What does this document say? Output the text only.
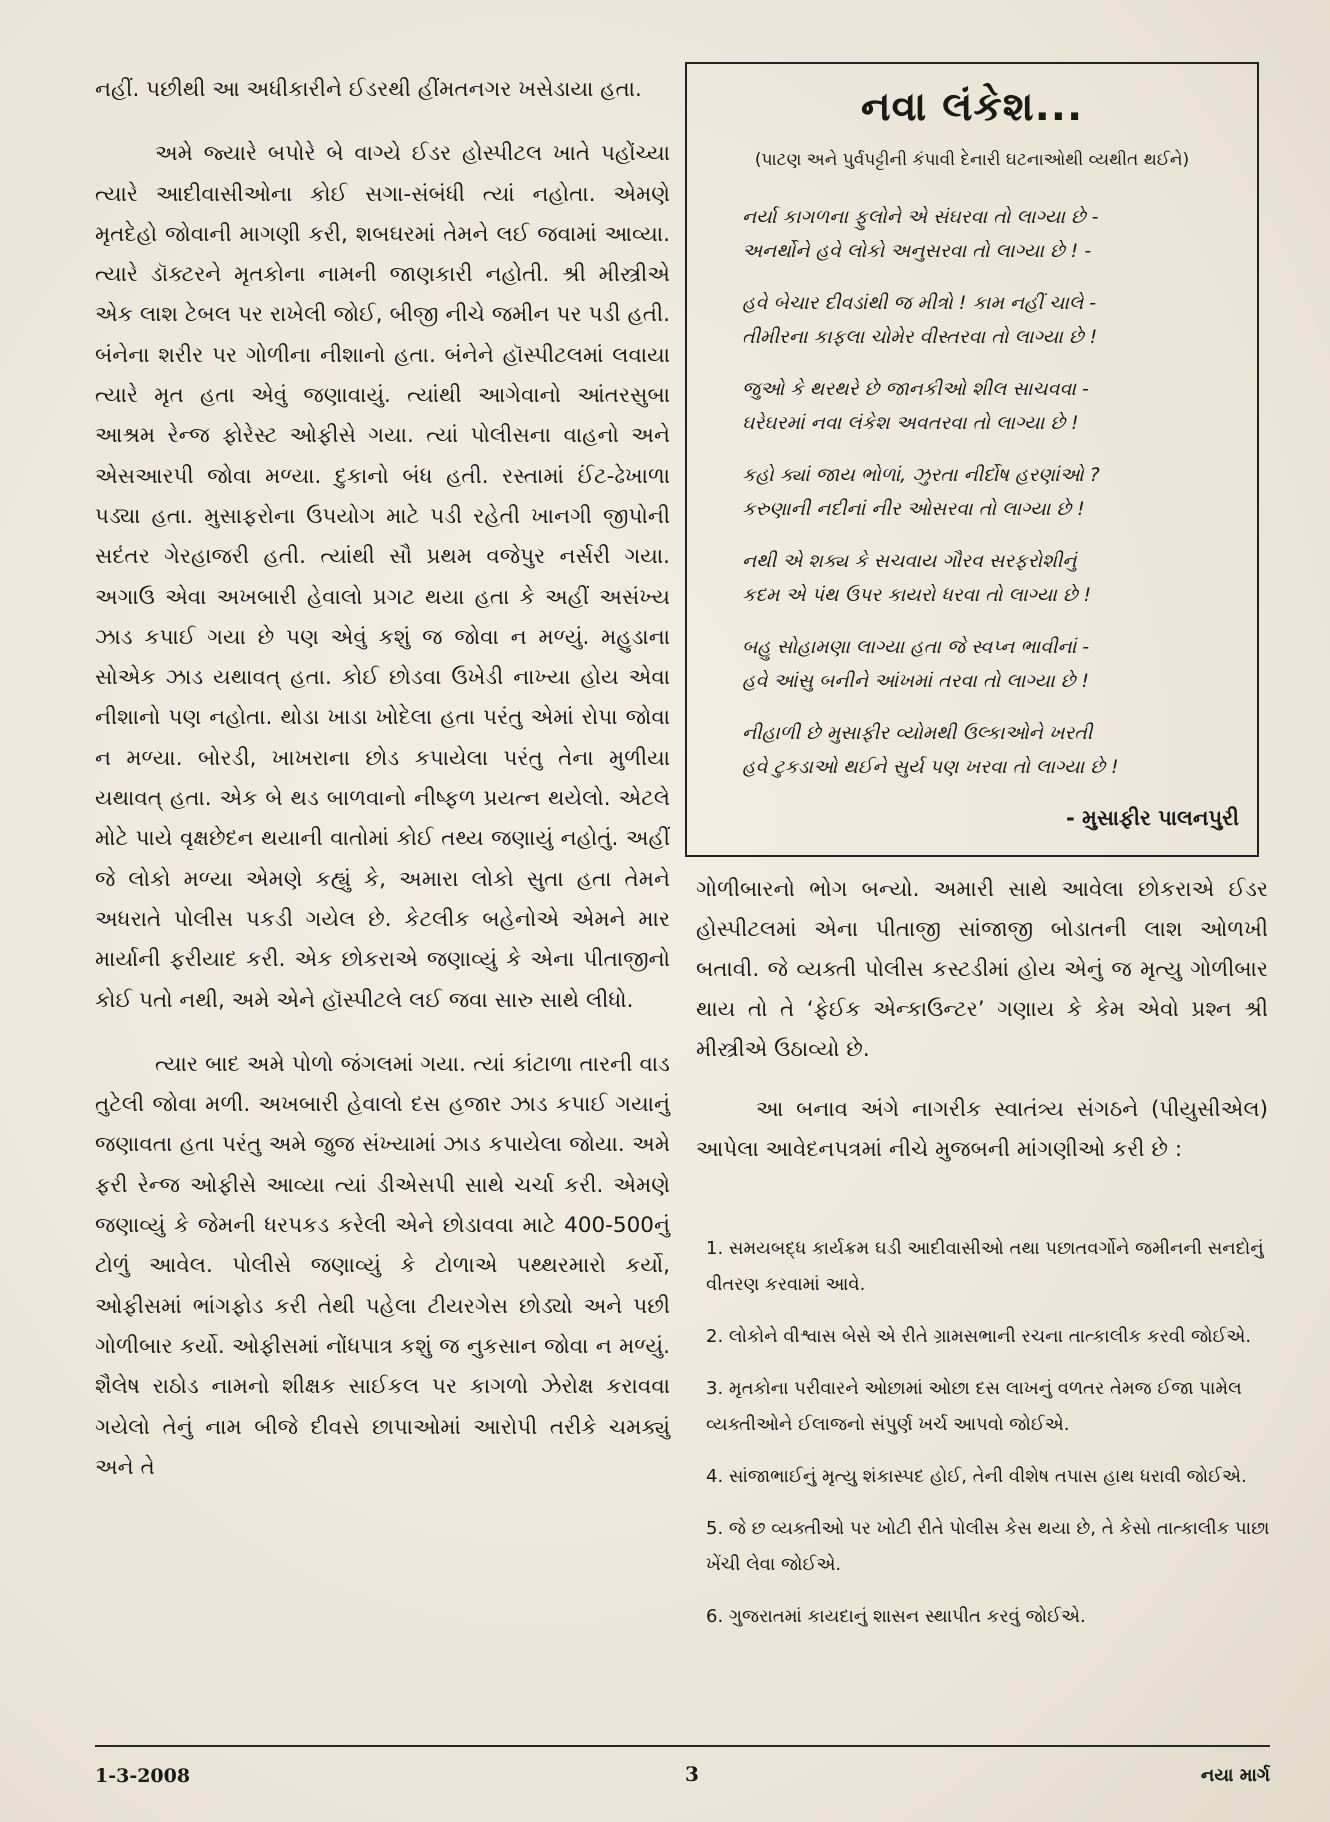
નહીં. પછીથી આ અધીકારીને ઈડરથી હીંમતનગર ખસેડાયા હતા.

અમે જ્યારે બપોરે બે વાગ્યે ઈડર હોસ્પીટલ ખાતે પહોંચ્યા ત્યારે આદીવાસીઓના કોઈ સગા-સંબંધી ત્યાં નહોતા. એમણે મૃતદેહો જોવાની માગણી કરી, શબઘરમાં તેમને લઈ જવામાં આવ્યા. ત્યારે ડૉક્ટરને મૃતકોના નામની જાણકારી નહોતી. શ્રી મીસ્ત્રીએ એક લાશ ટેબલ પર રાખેલી જોઈ, બીજી નીચે જમીન પર પડી હતી. બંનેના શરીર પર ગોળીના નીશાનો હતા. બંનેને હૉસ્પીટલમાં લવાયા ત્યારે મૃત હતા એવું જણાવાયું. ત્યાંથી આગેવાનો આંતરસુબા આશ્રમ રેન્જ ફોરેસ્ટ ઓફીસે ગયા. ત્યાં પોલીસના વાહનો અને એસઆરપી જોવા મળ્યા. દુકાનો બંધ હતી. રસ્તામાં ઈંટ-ઢેખાળા પડ્યા હતા. મુસાફરોના ઉપયોગ માટે પડી રહેતી ખાનગી જીપોની સદંતર ગેરહાજરી હતી. ત્યાંથી સૌ પ્રથમ વજેપુર નર્સરી ગયા. અગાઉ એવા અખબારી હેવાલો પ્રગટ થયા હતા કે અહીં અસંખ્ય ઝાડ કપાઈ ગયા છે પણ એવું કશું જ જોવા ન મળ્યું. મહુડાના સોએક ઝાડ યથાવત્ હતા. કોઈ છોડવા ઉખેડી નાખ્યા હોય એવા નીશાનો પણ નહોતા. થોડા ખાડા ખોદેલા હતા પરંતુ એમાં રોપા જોવા ન મળ્યા. બોરડી, ખાખરાના છોડ કપાયેલા પરંતુ તેના મુળીયા યથાવત્ હતા. એક બે થડ બાળવાનો નીષ્ફળ પ્રયત્ન થયેલો. એટલે મોટે પાયે વૃક્ષછેદન થયાની વાતોમાં કોઈ તથ્ય જણાયું નહોતું. અહીં જે લોકો મળ્યા એમણે કહ્યું કે, અમારા લોકો સુતા હતા તેમને અધરાતે પોલીસ પકડી ગયેલ છે. કેટલીક બહેનોએ એમને માર માર્યાની ફરીયાદ કરી. એક છોકરાએ જણાવ્યું કે એના પીતાજીનો કોઈ પતો નથી, અમે એને હૉસ્પીટલે લઈ જવા સારુ સાથે લીધો.

ત્યાર બાદ અમે પોળો જંગલમાં ગયા. ત્યાં કાંટાળા તારની વાડ તુટેલી જોવા મળી. અખબારી હેવાલો દસ હજાર ઝાડ કપાઈ ગયાનું જણાવતા હતા પરંતુ અમે જુજ સંખ્યામાં ઝાડ કપાયેલા જોયા. અમે ફરી રેન્જ ઓફીસે આવ્યા ત્યાં ડીએસપી સાથે ચર્ચા કરી. એમણે જણાવ્યું કે જેમની ધરપકડ કરેલી એને છોડાવવા માટે 400-500નું ટોળું આવેલ. પોલીસે જણાવ્યું કે ટોળાએ પથ્થરમારો કર્યો, ઓફીસમાં ભાંગફોડ કરી તેથી પહેલા ટીયરગેસ છોડ્યો અને પછી ગોળીબાર કર્યો. ઓફીસમાં નોંધપાત્ર કશું જ નુકસાન જોવા ન મળ્યું. શૈલેષ રાઠોડ નામનો શીક્ષક સાઈકલ પર કાગળો ઝેરોક્ષ કરાવવા ગયેલો તેનું નામ બીજે દીવસે છાપાઓમાં આરોપી તરીકે ચમક્યું અને તે

નવા લંકેશ...
(પાટણ અને પુર્વપટ્ટીની કંપાવી દેનારી ઘટનાઓથી વ્યથીત થઈને)
નર્યા કાગળના ફુલોને એ સંઘરવા તો લાગ્યા છે -
અનર્થોને હવે લોકો અનુસરવા તો લાગ્યા છે ! -
હવે બેચાર દીવડાંથી જ મીત્રો ! કામ નહીં ચાલે -
તીમીરના કાફલા ચોમેર વીસ્તરવા તો લાગ્યા છે !
જુઓ કે થરથરે છે જાનકીઓ શીલ સાચવવા -
ઘરેઘરમાં નવા લંકેશ અવતરવા તો લાગ્યા છે !
કહો ક્યાં જાય ભોળાં, ઝુરતા નીર્દોષ હરણાંઓ ?
કરુણાની નદીનાં નીર ઓસરવા તો લાગ્યા છે !
નથી એ શક્ય કે સચવાય ગૌરવ સરફરોશીનું
કદમ એ પંથ ઉપર કાયરો ધરવા તો લાગ્યા છે !
બહુ સોહામણા લાગ્યા હતા જે સ્વપ્ન ભાવીનાં -
હવે આંસુ બનીને આંખમાં તરવા તો લાગ્યા છે !
નીહાળી છે મુસાફીર વ્યોમથી ઉલ્કાઓને ખરતી
હવે ટુકડાઓ થઈને સુર્ય પણ ખરવા તો લાગ્યા છે !
- મુસાફીર પાલનપુરી

ગોળીબારનો ભોગ બન્યો. અમારી સાથે આવેલા છોકરાએ ઈડર હોસ્પીટલમાં એના પીતાજી સાંજાજી બોડાતની લાશ ઓળખી બતાવી. જે વ્યક્તી પોલીસ કસ્ટડીમાં હોય એનું જ મૃત્યુ ગોળીબાર થાય તો તે ‘ફેઈક એન્કાઉન્ટર’ ગણાય કે કેમ એવો પ્રશ્ન શ્રી મીસ્ત્રીએ ઉઠાવ્યો છે.

આ બનાવ અંગે નાગરીક સ્વાતંત્ર્ય સંગઠને (પીયુસીએલ) આપેલા આવેદનપત્રમાં નીચે મુજબની માંગણીઓ કરી છે :

1. સમયબદ્ધ કાર્યક્રમ ઘડી આદીવાસીઓ તથા પછાતવર્ગોને જમીનની સનદોનું વીતરણ કરવામાં આવે.

2. લોકોને વીશ્વાસ બેસે એ રીતે ગ્રામસભાની રચના તાત્કાલીક કરવી જોઈએ.

3. મૃતકોના પરીવારને ઓછામાં ઓછા દસ લાખનું વળતર તેમજ ઈજા પામેલ વ્યક્તીઓને ઈલાજનો સંપુર્ણ ખર્ચ આપવો જોઈએ.

4. સાંજાભાઈનું મૃત્યુ શંકાસ્પદ હોઈ, તેની વીશેષ તપાસ હાથ ધરાવી જોઈએ.

5. જે છ વ્યક્તીઓ પર ખોટી રીતે પોલીસ કેસ થયા છે, તે કેસો તાત્કાલીક પાછા ખેંચી લેવા જોઈએ.

6. ગુજરાતમાં કાયદાનું શાસન સ્થાપીત કરવું જોઈએ.

1-3-2008	3	નયા માર્ગ
